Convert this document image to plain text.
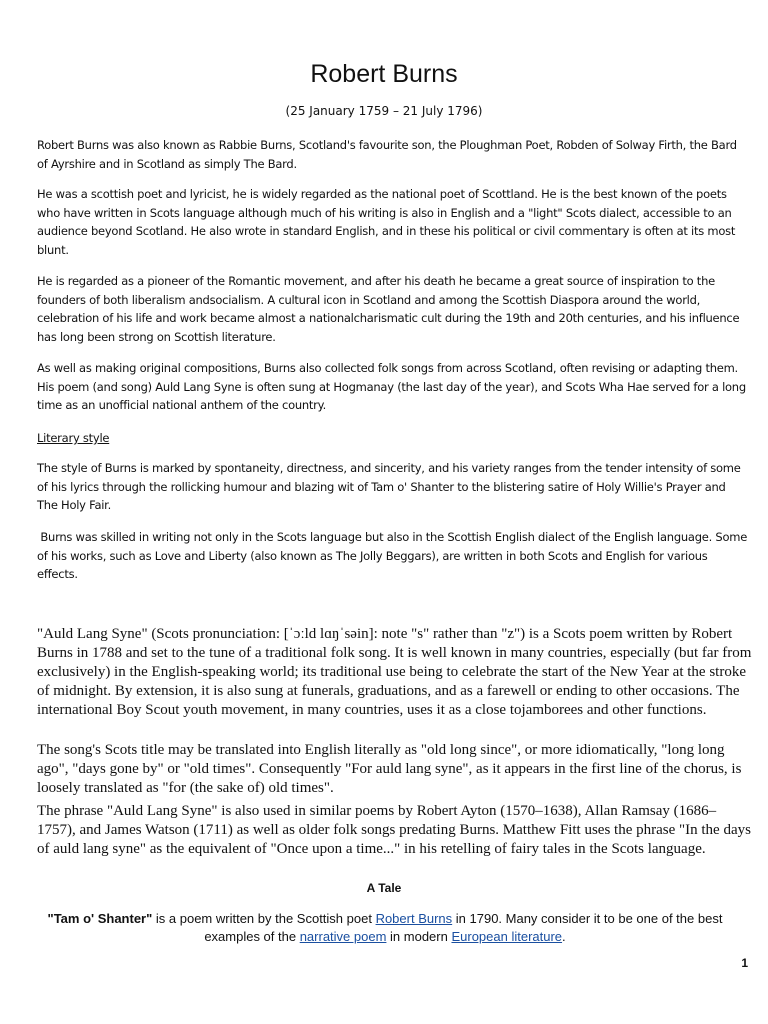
Robert Burns
(25 January 1759 – 21 July 1796)

Robert Burns was also known as Rabbie Burns, Scotland's favourite son, the Ploughman Poet, Robden of Solway Firth, the Bard of Ayrshire and in Scotland as simply The Bard.

He was a scottish poet and lyricist, he is widely regarded as the national poet of Scottland. He is the best known of the poets who have written in Scots language although much of his writing is also in English and a "light" Scots dialect, accessible to an audience beyond Scotland. He also wrote in standard English, and in these his political or civil commentary is often at its most blunt.

He is regarded as a pioneer of the Romantic movement, and after his death he became a great source of inspiration to the founders of both liberalism andsocialism. A cultural icon in Scotland and among the Scottish Diaspora around the world, celebration of his life and work became almost a nationalcharismatic cult during the 19th and 20th centuries, and his influence has long been strong on Scottish literature.

As well as making original compositions, Burns also collected folk songs from across Scotland, often revising or adapting them. His poem (and song) Auld Lang Syne is often sung at Hogmanay (the last day of the year), and Scots Wha Hae served for a long time as an unofficial national anthem of the country.

Literary style

The style of Burns is marked by spontaneity, directness, and sincerity, and his variety ranges from the tender intensity of some of his lyrics through the rollicking humour and blazing wit of Tam o' Shanter to the blistering satire of Holy Willie's Prayer and The Holy Fair.

Burns was skilled in writing not only in the Scots language but also in the Scottish English dialect of the English language. Some of his works, such as Love and Liberty (also known as The Jolly Beggars), are written in both Scots and English for various effects.

"Auld Lang Syne" (Scots pronunciation: [ˈɔːld lɑŋˈsəin]: note "s" rather than "z") is a Scots poem written by Robert Burns in 1788 and set to the tune of a traditional folk song. It is well known in many countries, especially (but far from exclusively) in the English-speaking world; its traditional use being to celebrate the start of the New Year at the stroke of midnight. By extension, it is also sung at funerals, graduations, and as a farewell or ending to other occasions. The international Boy Scout youth movement, in many countries, uses it as a close tojamborees and other functions.

The song's Scots title may be translated into English literally as "old long since", or more idiomatically, "long long ago", "days gone by" or "old times". Consequently "For auld lang syne", as it appears in the first line of the chorus, is loosely translated as "for (the sake of) old times".

The phrase "Auld Lang Syne" is also used in similar poems by Robert Ayton (1570–1638), Allan Ramsay (1686–1757), and James Watson (1711) as well as older folk songs predating Burns. Matthew Fitt uses the phrase "In the days of auld lang syne" as the equivalent of "Once upon a time..." in his retelling of fairy tales in the Scots language.

A Tale

"Tam o' Shanter" is a poem written by the Scottish poet Robert Burns in 1790. Many consider it to be one of the best examples of the narrative poem in modern European literature.

1
